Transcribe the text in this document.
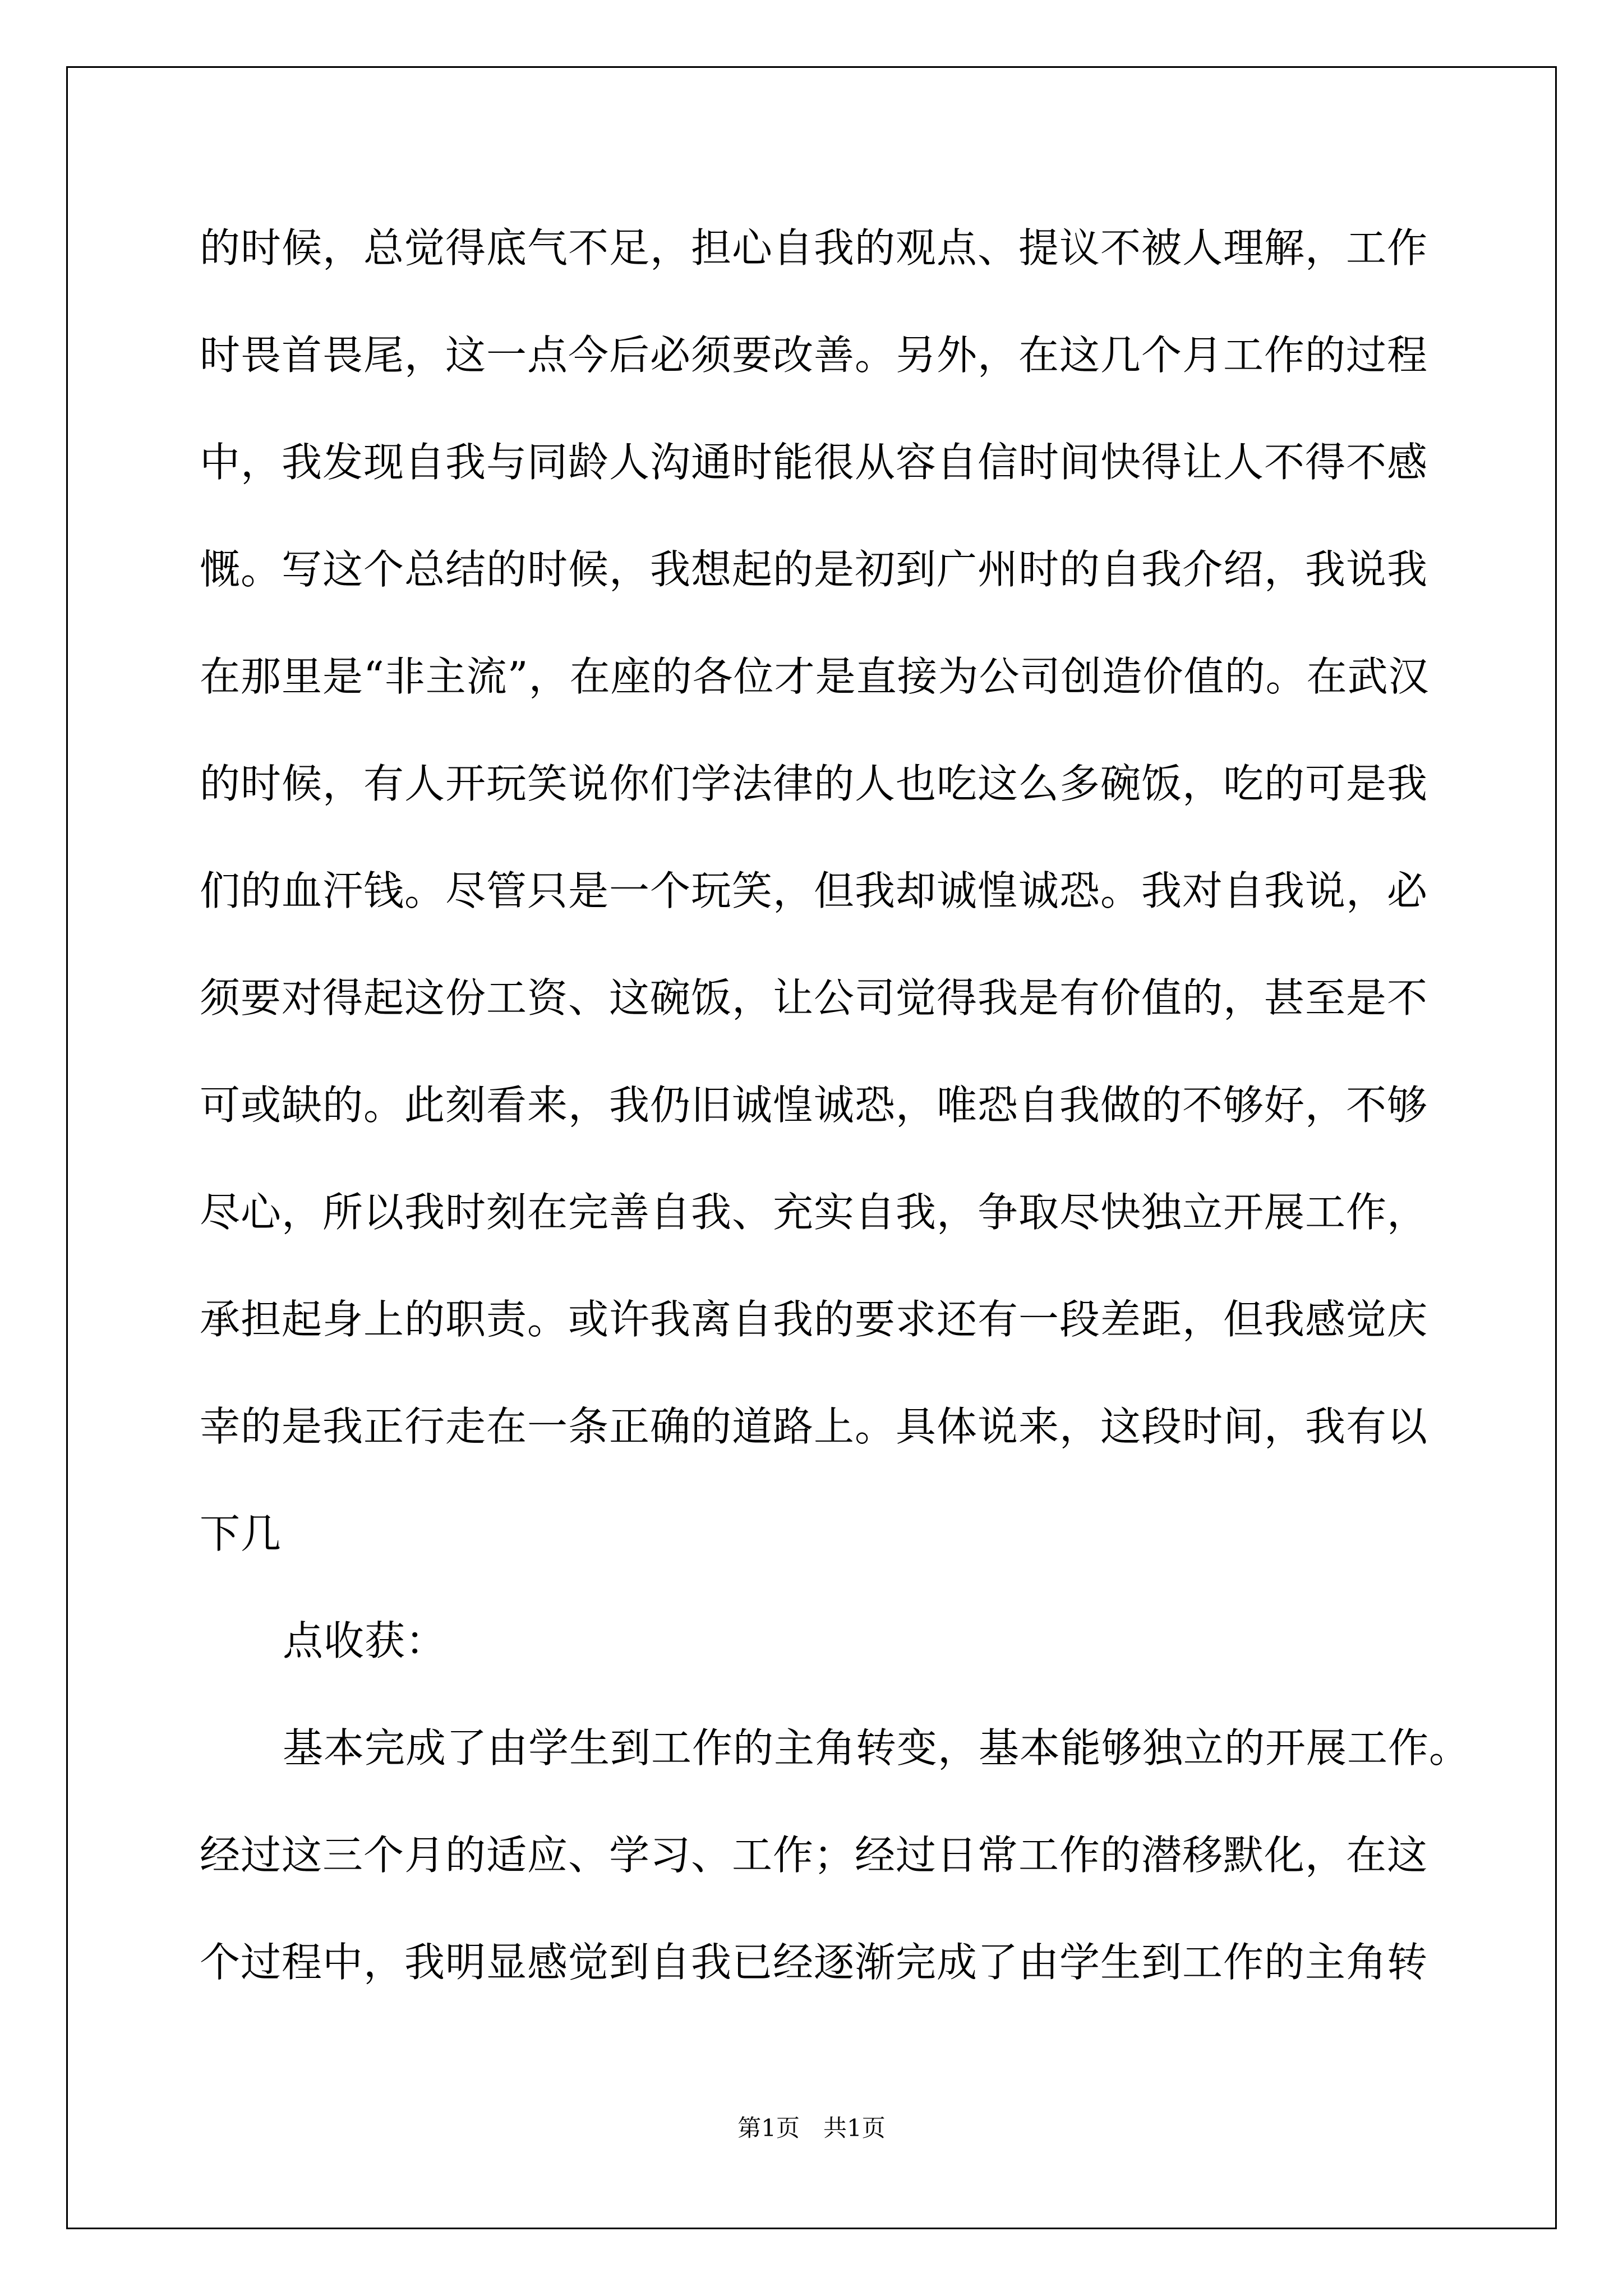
的时候，总觉得底气不足，担心自我的观点、提议不被人理解，工作
时畏首畏尾，这一点今后必须要改善。另外，在这几个月工作的过程
中，我发现自我与同龄人沟通时能很从容自信时间快得让人不得不感
慨。写这个总结的时候，我想起的是初到广州时的自我介绍，我说我
在那里是“非主流”，在座的各位才是直接为公司创造价值的。在武汉
的时候，有人开玩笑说你们学法律的人也吃这么多碗饭，吃的可是我
们的血汗钱。尽管只是一个玩笑，但我却诚惶诚恐。我对自我说，必
须要对得起这份工资、这碗饭，让公司觉得我是有价值的，甚至是不
可或缺的。此刻看来，我仍旧诚惶诚恐，唯恐自我做的不够好，不够
尽心，所以我时刻在完善自我、充实自我，争取尽快独立开展工作，
承担起身上的职责。或许我离自我的要求还有一段差距，但我感觉庆
幸的是我正行走在一条正确的道路上。具体说来，这段时间，我有以
下几
点收获：
基本完成了由学生到工作的主角转变，基本能够独立的开展工作。
经过这三个月的适应、学习、工作；经过日常工作的潜移默化，在这
个过程中，我明显感觉到自我已经逐渐完成了由学生到工作的主角转
第1页　共1页
